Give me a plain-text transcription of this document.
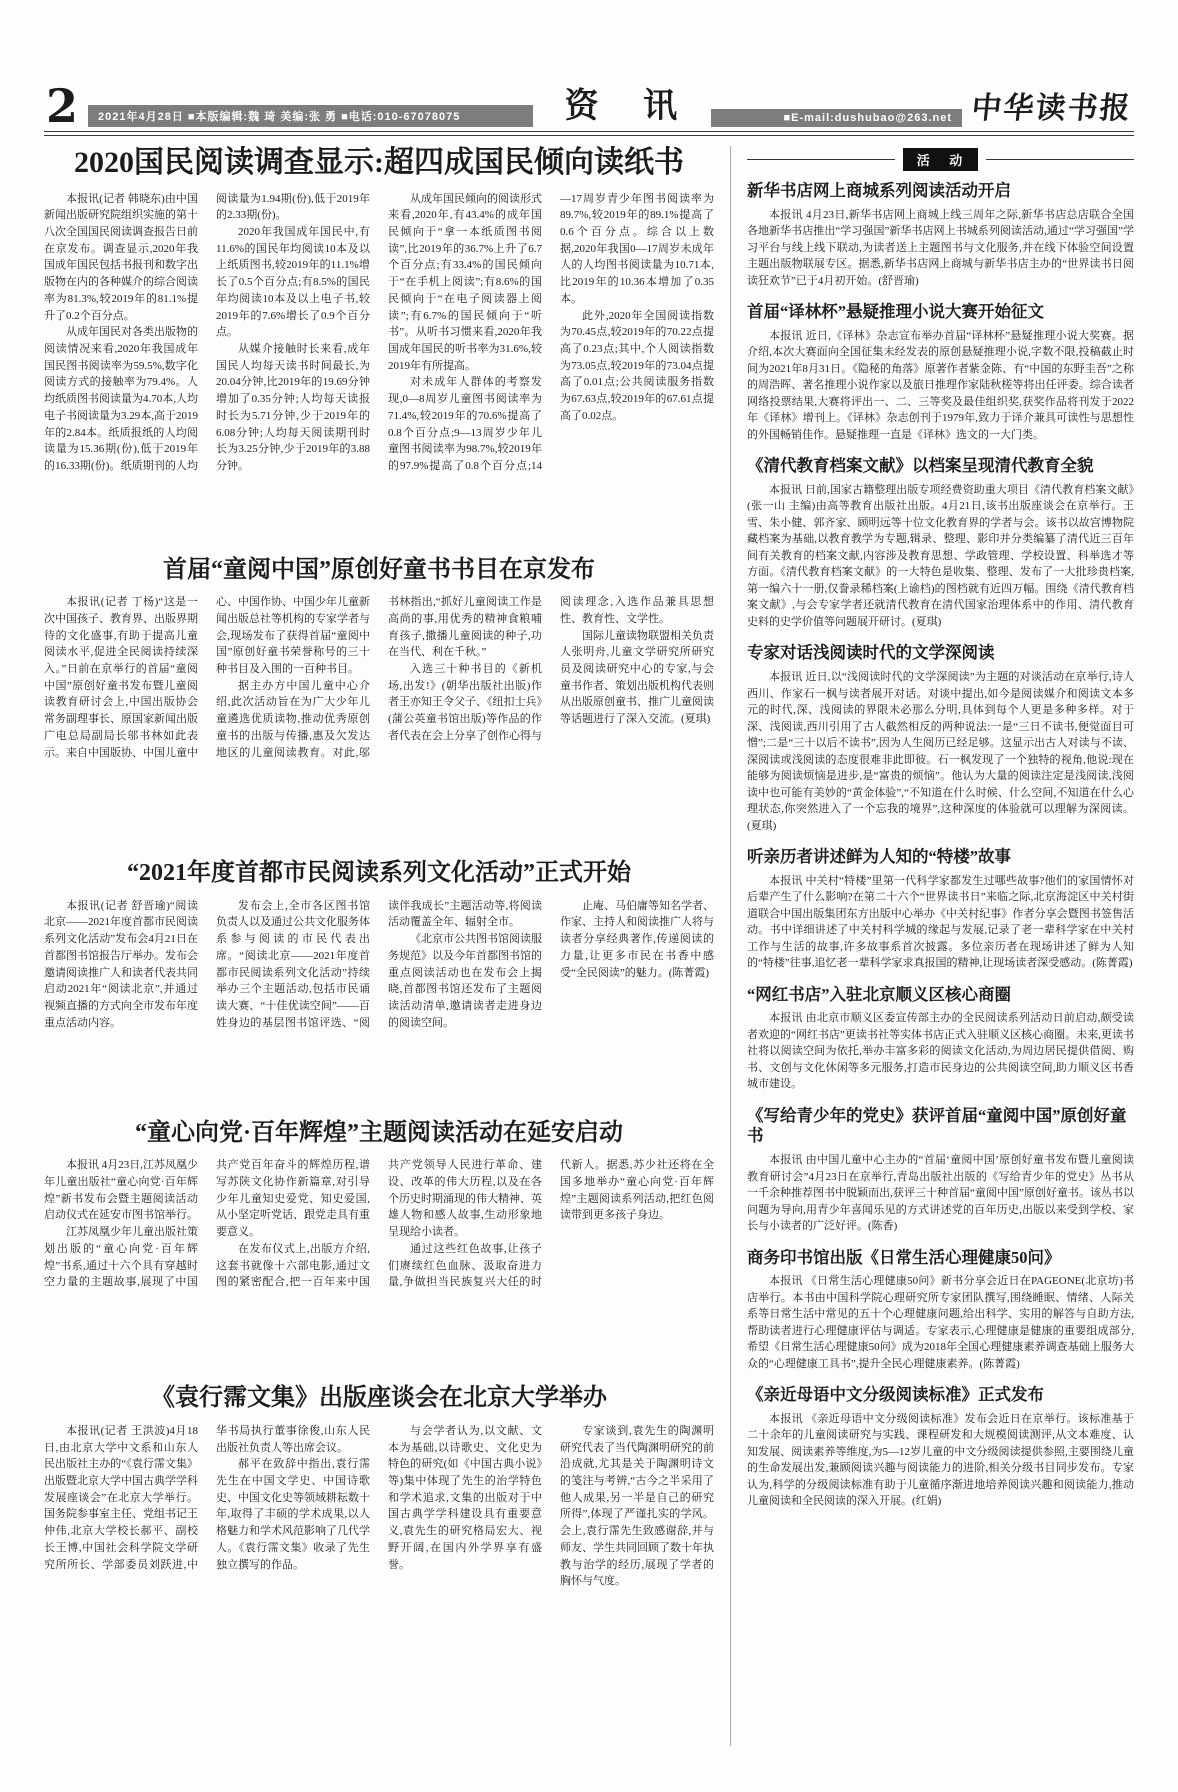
2	2021年4月28日 ■本版编辑:魏 琦 美编:张 勇 ■电话:010-67078075	资 讯	■E-mail:dushubao@263.net 中华读书报
2020国民阅读调查显示:超四成国民倾向读纸书

本报讯(记者 韩晓东)由中国新闻出版研究院组织实施的第十八次全国国民阅读调查报告日前在京发布。调查显示,2020年我国成年国民包括书报刊和数字出版物在内的各种媒介的综合阅读率为81.3%,较2019年的81.1%提升了0.2个百分点。

从成年国民对各类出版物的阅读情况来看,2020年我国成年国民图书阅读率为59.5%,数字化阅读方式的接触率为79.4%。人均纸质图书阅读量为4.70本,人均电子书阅读量为3.29本,高于2019年的2.84本。纸质报纸的人均阅读量为15.36期(份),低于2019年的16.33期(份)。纸质期刊的人均阅读量为1.94期(份),低于2019年的2.33期(份)。

2020年我国成年国民中,有11.6%的国民年均阅读10本及以上纸质图书,较2019年的11.1%增长了0.5个百分点;有8.5%的国民年均阅读10本及以上电子书,较2019年的7.6%增长了0.9个百分点。

从媒介接触时长来看,成年国民人均每天读书时间最长,为20.04分钟,比2019年的19.69分钟增加了0.35分钟;人均每天读报时长为5.71分钟,少于2019年的6.08分钟;人均每天阅读期刊时长为3.25分钟,少于2019年的3.88分钟。

从成年国民倾向的阅读形式来看,2020年,有43.4%的成年国民倾向于“拿一本纸质图书阅读”,比2019年的36.7%上升了6.7个百分点;有33.4%的国民倾向于“在手机上阅读”;有8.6%的国民倾向于“在电子阅读器上阅读”;有6.7%的国民倾向于“听书”。从听书习惯来看,2020年我国成年国民的听书率为31.6%,较2019年有所提高。

对未成年人群体的考察发现,0—8周岁儿童图书阅读率为71.4%,较2019年的70.6%提高了0.8个百分点;9—13周岁少年儿童图书阅读率为98.7%,较2019年的97.9%提高了0.8个百分点;14—17周岁青少年图书阅读率为89.7%,较2019年的89.1%提高了0.6个百分点。综合以上数据,2020年我国0—17周岁未成年人的人均图书阅读量为10.71本,比2019年的10.36本增加了0.35本。

此外,2020年全国阅读指数为70.45点,较2019年的70.22点提高了0.23点;其中,个人阅读指数为73.05点,较2019年的73.04点提高了0.01点;公共阅读服务指数为67.63点,较2019年的67.61点提高了0.02点。

首届“童阅中国”原创好童书书目在京发布

本报讯(记者 丁杨)“这是一次中国孩子、教育界、出版界期待的文化盛事,有助于提高儿童阅读水平,促进全民阅读持续深入。”日前在京举行的首届“童阅中国”原创好童书发布暨儿童阅读教育研讨会上,中国出版协会常务副理事长、原国家新闻出版广电总局副局长邬书林如此表示。来自中国版协、中国儿童中心、中国作协、中国少年儿童新闻出版总社等机构的专家学者与会,现场发布了获得首届“童阅中国”原创好童书荣誉称号的三十种书目及入围的一百种书目。

据主办方中国儿童中心介绍,此次活动旨在为广大少年儿童遴选优质读物,推动优秀原创童书的出版与传播,惠及欠发达地区的儿童阅读教育。对此,邬书林指出,“抓好儿童阅读工作是高尚的事,用优秀的精神食粮哺育孩子,撒播儿童阅读的种子,功在当代、利在千秋。”

入选三十种书目的《新机场,出发!》(朝华出版社出版)作者王亦知王令父子、《纽扣士兵》(蒲公英童书馆出版)等作品的作者代表在会上分享了创作心得与阅读理念,入选作品兼具思想性、教育性、文学性。

国际儿童读物联盟相关负责人张明舟,儿童文学研究所研究员及阅读研究中心的专家,与会童书作者、策划出版机构代表则从出版原创童书、推广儿童阅读等话题进行了深入交流。(夏琪)

“2021年度首都市民阅读系列文化活动”正式开始

本报讯(记者 舒晋瑜)“阅读北京——2021年度首都市民阅读系列文化活动”发布会4月21日在首都图书馆报告厅举办。发布会邀请阅读推广人和读者代表共同启动2021年“阅读北京”,并通过视频直播的方式向全市发布年度重点活动内容。

发布会上,全市各区图书馆负责人以及通过公共文化服务体系参与阅读的市民代表出席。“阅读北京——2021年度首都市民阅读系列文化活动”持续举办三个主题活动,包括市民诵读大赛、“十佳优读空间”——百姓身边的基层图书馆评选、“阅读伴我成长”主题活动等,将阅读活动覆盖全年、辐射全市。

《北京市公共图书馆阅读服务规范》以及今年首都图书馆的重点阅读活动也在发布会上揭晓,首都图书馆还发布了主题阅读活动清单,邀请读者走进身边的阅读空间。

止庵、马伯庸等知名学者、作家、主持人和阅读推广人将与读者分享经典著作,传递阅读的力量,让更多市民在书香中感受“全民阅读”的魅力。(陈菁霞)

“童心向党·百年辉煌”主题阅读活动在延安启动

本报讯 4月23日,江苏凤凰少年儿童出版社“童心向党·百年辉煌”新书发布会暨主题阅读活动启动仪式在延安市图书馆举行。

江苏凤凰少年儿童出版社策划出版的“童心向党·百年辉煌”书系,通过十六个具有穿越时空力量的主题故事,展现了中国共产党百年奋斗的辉煌历程,谱写苏陕文化协作新篇章,对引导少年儿童知史爱党、知史爱国,从小坚定听党话、跟党走具有重要意义。

在发布仪式上,出版方介绍,这套书就像十六部电影,通过文图的紧密配合,把一百年来中国共产党领导人民进行革命、建设、改革的伟大历程,以及在各个历史时期涌现的伟大精神、英雄人物和感人故事,生动形象地呈现给小读者。

通过这些红色故事,让孩子们赓续红色血脉、汲取奋进力量,争做担当民族复兴大任的时代新人。据悉,苏少社还将在全国多地举办“童心向党·百年辉煌”主题阅读系列活动,把红色阅读带到更多孩子身边。

《袁行霈文集》出版座谈会在北京大学举办

本报讯(记者 王洪波)4月18日,由北京大学中文系和山东人民出版社主办的“《袁行霈文集》出版暨北京大学中国古典学学科发展座谈会”在北京大学举行。国务院参事室主任、党组书记王仲伟,北京大学校长郝平、副校长王博,中国社会科学院文学研究所所长、学部委员刘跃进,中华书局执行董事徐俊,山东人民出版社负责人等出席会议。

郝平在致辞中指出,袁行霈先生在中国文学史、中国诗歌史、中国文化史等领域耕耘数十年,取得了丰硕的学术成果,以人格魅力和学术风范影响了几代学人。《袁行霈文集》收录了先生独立撰写的作品。

与会学者认为,以文献、文本为基础,以诗歌史、文化史为特色的研究(如《中国古典小说》等)集中体现了先生的治学特色和学术追求,文集的出版对于中国古典学学科建设具有重要意义,袁先生的研究格局宏大、视野开阔,在国内外学界享有盛誉。

专家谈到,袁先生的陶渊明研究代表了当代陶渊明研究的前沿成就,尤其是关于陶渊明诗文的笺注与考辨,“古今之半采用了他人成果,另一半是自己的研究所得”,体现了严谨扎实的学风。会上,袁行霈先生致感谢辞,并与师友、学生共同回顾了数十年执教与治学的经历,展现了学者的胸怀与气度。

活 动
新华书店网上商城系列阅读活动开启

本报讯 4月23日,新华书店网上商城上线三周年之际,新华书店总店联合全国各地新华书店推出“学习强国”新华书店网上书城系列阅读活动,通过“学习强国”学习平台与线上线下联动,为读者送上主题图书与文化服务,并在线下体验空间设置主题出版物联展专区。据悉,新华书店网上商城与新华书店主办的“世界读书日阅读狂欢节”已于4月初开始。(舒晋瑜)

首届“译林杯”悬疑推理小说大赛开始征文

本报讯 近日,《译林》杂志宣布举办首届“译林杯”悬疑推理小说大奖赛。据介绍,本次大赛面向全国征集未经发表的原创悬疑推理小说,字数不限,投稿截止时间为2021年8月31日。《隐秘的角落》原著作者紫金陈、有“中国的东野圭吾”之称的周浩晖、著名推理小说作家以及旅日推理作家陆秋槎等将出任评委。综合读者网络投票结果,大赛将评出一、二、三等奖及最佳组织奖,获奖作品将刊发于2022年《译林》增刊上。《译林》杂志创刊于1979年,致力于译介兼具可读性与思想性的外国畅销佳作。悬疑推理一直是《译林》选文的一大门类。

《清代教育档案文献》以档案呈现清代教育全貌

本报讯 日前,国家古籍整理出版专项经费资助重大项目《清代教育档案文献》(张一山 主编)由高等教育出版社出版。4月21日,该书出版座谈会在京举行。王雪、朱小健、郭齐家、顾明远等十位文化教育界的学者与会。该书以故宫博物院藏档案为基础,以教育教学为专题,辑录、整理、影印并分类编纂了清代近三百年间有关教育的档案文献,内容涉及教育思想、学政管理、学校设置、科举选才等方面。《清代教育档案文献》的一大特色是收集、整理、发布了一大批珍贵档案,第一编六十一册,仅誊录稀档案(上谕档)的图档就有近四万幅。围绕《清代教育档案文献》,与会专家学者还就清代教育在清代国家治理体系中的作用、清代教育史料的史学价值等问题展开研讨。(夏琪)

专家对话浅阅读时代的文学深阅读

本报讯 近日,以“浅阅读时代的文学深阅读”为主题的对谈活动在京举行,诗人西川、作家石一枫与读者展开对话。对谈中提出,如今是阅读媒介和阅读文本多元的时代,深、浅阅读的界限未必那么分明,具体到每个人更是多种多样。对于深、浅阅读,西川引用了古人截然相反的两种说法:一是“三日不读书,便觉面目可憎”;二是“三十以后不读书”,因为人生阅历已经足够。这显示出古人对读与不读、深阅读或浅阅读的态度很难非此即彼。石一枫发现了一个独特的视角,他说:现在能够为阅读烦恼是进步,是“富贵的烦恼”。他认为大量的阅读注定是浅阅读,浅阅读中也可能有美妙的“黄金体验”,“不知道在什么时候、什么空间,不知道在什么心理状态,你突然进入了一个忘我的境界”,这种深度的体验就可以理解为深阅读。(夏琪)

听亲历者讲述鲜为人知的“特楼”故事

本报讯 中关村“特楼”里第一代科学家都发生过哪些故事?他们的家国情怀对后辈产生了什么影响?在第二十六个“世界读书日”来临之际,北京海淀区中关村街道联合中国出版集团东方出版中心举办《中关村纪事》作者分享会暨图书签售活动。书中详细讲述了中关村科学城的缘起与发展,记录了老一辈科学家在中关村工作与生活的故事,许多故事系首次披露。多位亲历者在现场讲述了鲜为人知的“特楼”往事,追忆老一辈科学家求真报国的精神,让现场读者深受感动。(陈菁霞)

“网红书店”入驻北京顺义区核心商圈

本报讯 由北京市顺义区委宣传部主办的全民阅读系列活动日前启动,颇受读者欢迎的“网红书店”更读书社等实体书店正式入驻顺义区核心商圈。未来,更读书社将以阅读空间为依托,举办丰富多彩的阅读文化活动,为周边居民提供借阅、购书、文创与文化休闲等多元服务,打造市民身边的公共阅读空间,助力顺义区书香城市建设。

《写给青少年的党史》获评首届“童阅中国”原创好童书

本报讯 由中国儿童中心主办的“首届‘童阅中国’原创好童书发布暨儿童阅读教育研讨会”4月23日在京举行,青岛出版社出版的《写给青少年的党史》丛书从一千余种推荐图书中脱颖而出,获评三十种首届“童阅中国”原创好童书。该丛书以问题为导向,用青少年喜闻乐见的方式讲述党的百年历史,出版以来受到学校、家长与小读者的广泛好评。(陈香)

商务印书馆出版《日常生活心理健康50问》

本报讯 《日常生活心理健康50问》新书分享会近日在PAGEONE(北京坊)书店举行。本书由中国科学院心理研究所专家团队撰写,围绕睡眠、情绪、人际关系等日常生活中常见的五十个心理健康问题,给出科学、实用的解答与自助方法,帮助读者进行心理健康评估与调适。专家表示,心理健康是健康的重要组成部分,希望《日常生活心理健康50问》成为2018年全国心理健康素养调查基础上服务大众的“心理健康工具书”,提升全民心理健康素养。(陈菁霞)

《亲近母语中文分级阅读标准》正式发布

本报讯 《亲近母语中文分级阅读标准》发布会近日在京举行。该标准基于二十余年的儿童阅读研究与实践、课程研发和大规模阅读测评,从文本难度、认知发展、阅读素养等维度,为5—12岁儿童的中文分级阅读提供参照,主要围绕儿童的生命发展出发,兼顾阅读兴趣与阅读能力的进阶,相关分级书目同步发布。专家认为,科学的分级阅读标准有助于儿童循序渐进地培养阅读兴趣和阅读能力,推动儿童阅读和全民阅读的深入开展。(红娟)
